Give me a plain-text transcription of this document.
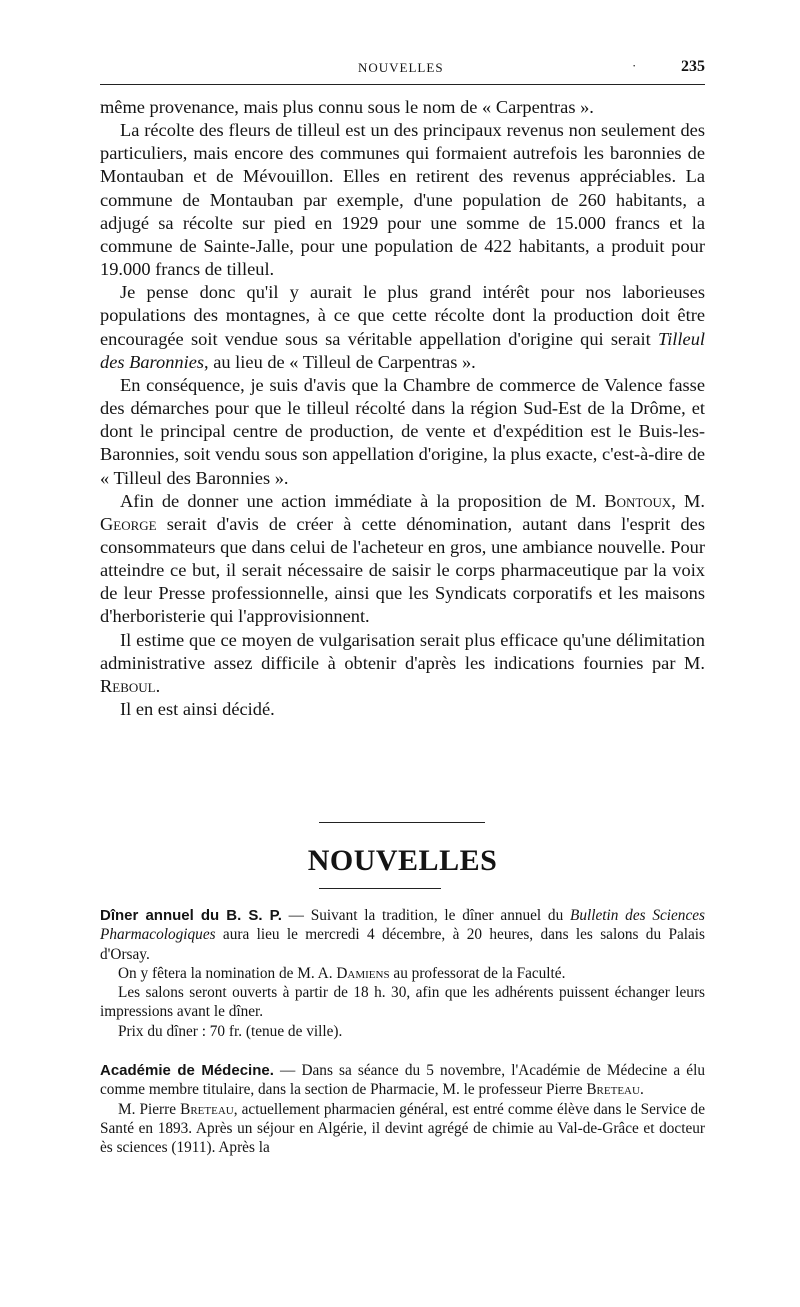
NOUVELLES	·	235

même provenance, mais plus connu sous le nom de « Carpentras ».

La récolte des fleurs de tilleul est un des principaux revenus non seulement des particuliers, mais encore des communes qui formaient autrefois les baronnies de Montauban et de Mévouillon. Elles en retirent des revenus appréciables. La commune de Montauban par exemple, d'une population de 260 habitants, a adjugé sa récolte sur pied en 1929 pour une somme de 15.000 francs et la commune de Sainte-Jalle, pour une population de 422 habitants, a produit pour 19.000 francs de tilleul.

Je pense donc qu'il y aurait le plus grand intérêt pour nos laborieuses populations des montagnes, à ce que cette récolte dont la production doit être encouragée soit vendue sous sa véritable appellation d'origine qui serait Tilleul des Baronnies, au lieu de « Tilleul de Carpentras ».

En conséquence, je suis d'avis que la Chambre de commerce de Valence fasse des démarches pour que le tilleul récolté dans la région Sud-Est de la Drôme, et dont le principal centre de production, de vente et d'expédition est le Buis-les-Baronnies, soit vendu sous son appellation d'origine, la plus exacte, c'est-à-dire de « Tilleul des Baronnies ».

Afin de donner une action immédiate à la proposition de M. Bontoux, M. George serait d'avis de créer à cette dénomination, autant dans l'esprit des consommateurs que dans celui de l'acheteur en gros, une ambiance nouvelle. Pour atteindre ce but, il serait nécessaire de saisir le corps pharmaceutique par la voix de leur Presse professionnelle, ainsi que les Syndicats corporatifs et les maisons d'herboristerie qui l'approvisionnent.

Il estime que ce moyen de vulgarisation serait plus efficace qu'une délimitation administrative assez difficile à obtenir d'après les indications fournies par M. Reboul.

Il en est ainsi décidé.

NOUVELLES

Dîner annuel du B. S. P. — Suivant la tradition, le dîner annuel du Bulletin des Sciences Pharmacologiques aura lieu le mercredi 4 décembre, à 20 heures, dans les salons du Palais d'Orsay.

On y fêtera la nomination de M. A. Damiens au professorat de la Faculté.

Les salons seront ouverts à partir de 18 h. 30, afin que les adhérents puissent échanger leurs impressions avant le dîner.

Prix du dîner : 70 fr. (tenue de ville).

Académie de Médecine. — Dans sa séance du 5 novembre, l'Académie de Médecine a élu comme membre titulaire, dans la section de Pharmacie, M. le professeur Pierre Breteau.

M. Pierre Breteau, actuellement pharmacien général, est entré comme élève dans le Service de Santé en 1893. Après un séjour en Algérie, il devint agrégé de chimie au Val-de-Grâce et docteur ès sciences (1911). Après la
